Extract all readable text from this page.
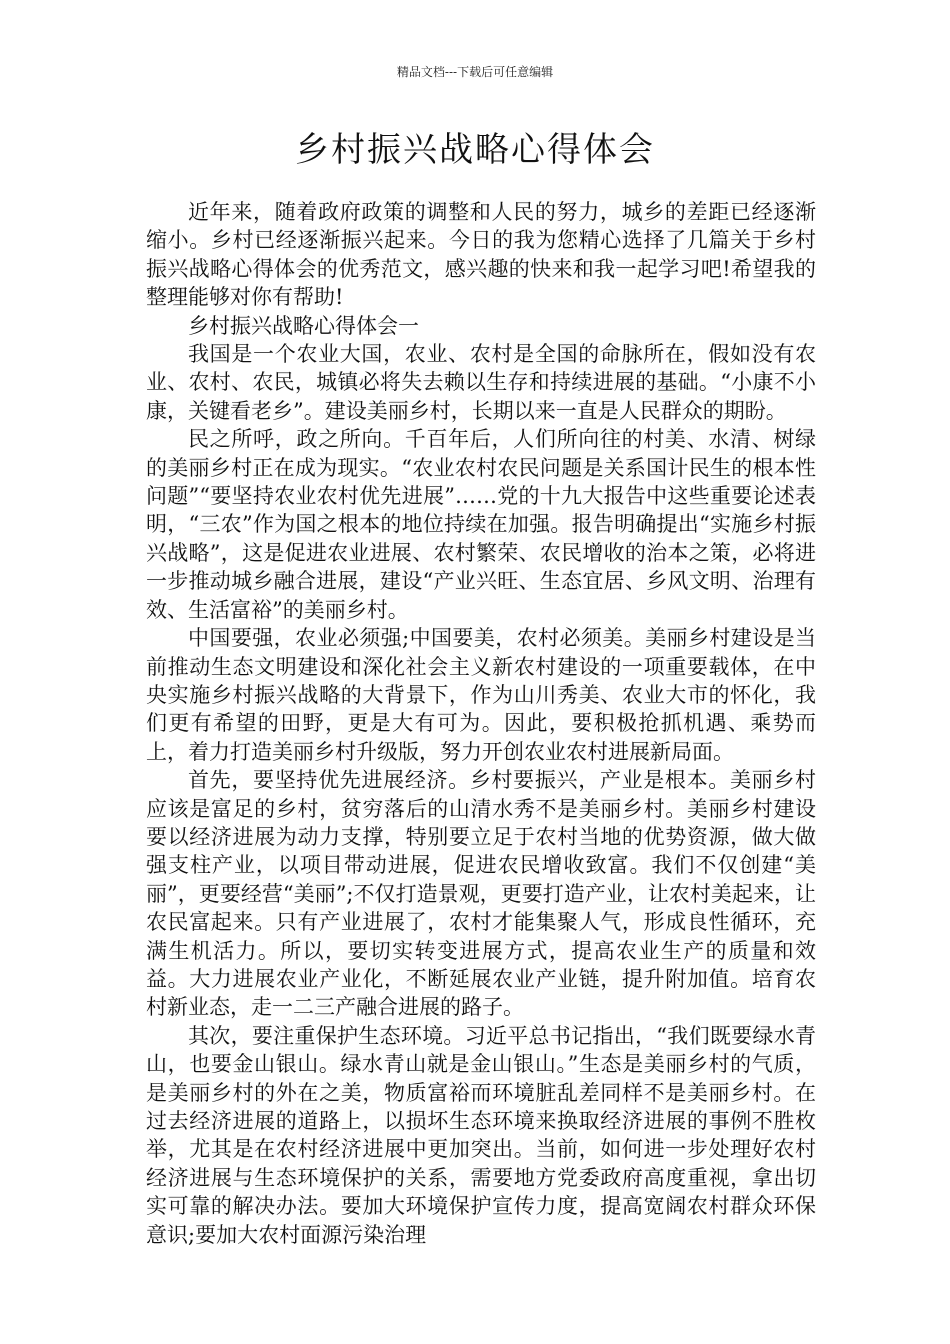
精品文档---下载后可任意编辑
乡村振兴战略心得体会

近年来，随着政府政策的调整和人民的努力，城乡的差距已经逐渐缩小。乡村已经逐渐振兴起来。今日的我为您精心选择了几篇关于乡村振兴战略心得体会的优秀范文，感兴趣的快来和我一起学习吧!希望我的整理能够对你有帮助!

乡村振兴战略心得体会一

我国是一个农业大国，农业、农村是全国的命脉所在，假如没有农业、农村、农民，城镇必将失去赖以生存和持续进展的基础。“小康不小康，关键看老乡”。建设美丽乡村，长期以来一直是人民群众的期盼。

民之所呼，政之所向。千百年后，人们所向往的村美、水清、树绿的美丽乡村正在成为现实。“农业农村农民问题是关系国计民生的根本性问题”“要坚持农业农村优先进展”……党的十九大报告中这些重要论述表明，“三农”作为国之根本的地位持续在加强。报告明确提出“实施乡村振兴战略”，这是促进农业进展、农村繁荣、农民增收的治本之策，必将进一步推动城乡融合进展，建设“产业兴旺、生态宜居、乡风文明、治理有效、生活富裕”的美丽乡村。

中国要强，农业必须强;中国要美，农村必须美。美丽乡村建设是当前推动生态文明建设和深化社会主义新农村建设的一项重要载体，在中央实施乡村振兴战略的大背景下，作为山川秀美、农业大市的怀化，我们更有希望的田野，更是大有可为。因此，要积极抢抓机遇、乘势而上，着力打造美丽乡村升级版，努力开创农业农村进展新局面。

首先，要坚持优先进展经济。乡村要振兴，产业是根本。美丽乡村应该是富足的乡村，贫穷落后的山清水秀不是美丽乡村。美丽乡村建设要以经济进展为动力支撑，特别要立足于农村当地的优势资源，做大做强支柱产业，以项目带动进展，促进农民增收致富。我们不仅创建“美丽”，更要经营“美丽”;不仅打造景观，更要打造产业，让农村美起来，让农民富起来。只有产业进展了，农村才能集聚人气，形成良性循环，充满生机活力。所以，要切实转变进展方式，提高农业生产的质量和效益。大力进展农业产业化，不断延展农业产业链，提升附加值。培育农村新业态，走一二三产融合进展的路子。

其次，要注重保护生态环境。习近平总书记指出，“我们既要绿水青山，也要金山银山。绿水青山就是金山银山。”生态是美丽乡村的气质，是美丽乡村的外在之美，物质富裕而环境脏乱差同样不是美丽乡村。在过去经济进展的道路上，以损坏生态环境来换取经济进展的事例不胜枚举，尤其是在农村经济进展中更加突出。当前，如何进一步处理好农村经济进展与生态环境保护的关系，需要地方党委政府高度重视，拿出切实可靠的解决办法。要加大环境保护宣传力度，提高宽阔农村群众环保意识;要加大农村面源污染治理
